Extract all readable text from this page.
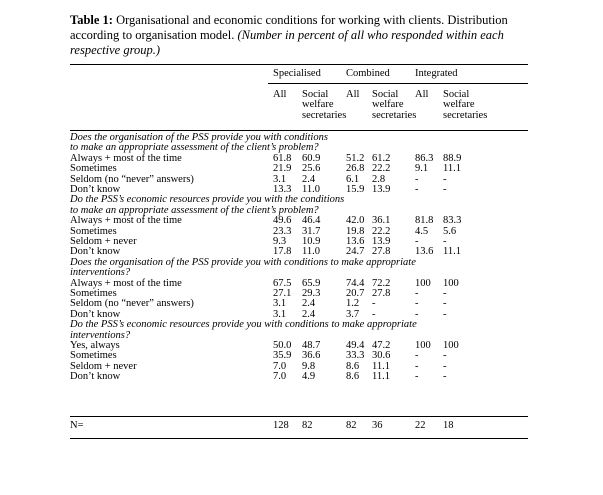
Table 1: Organisational and economic conditions for working with clients. Distribution according to organisation model. (Number in percent of all who responded within each respective group.)
Specialised Combined Integrated
All Social
welfare
secretaries
All Social
welfare
secretaries
All Social
welfare
secretaries
Does the organisation of the PSS provide you with conditions
to make an appropriate assessment of the client’s problem?
Always + most of the time	61.8 60.9 51.2 61.2 86.3 88.9
Sometimes	21.9 25.6 26.8 22.2 9.1 11.1
Seldom (no “never” answers)	3.1 2.4	6.1 2.8	- -
Don’t know	13.3 11.0 15.9 13.9 - -
Do the PSS’s economic resources provide you with the conditions
to make an appropriate assessment of the client’s problem?
Always + most of the time	49.6 46.4 42.0 36.1 81.8 83.3
Sometimes	23.3 31.7 19.8 22.2 4.5 5.6
Seldom + never	9.3 10.9 13.6 13.9 - -
Don’t know	17.8 11.0 24.7 27.8 13.6 11.1
Does the organisation of the PSS provide you with conditions to make appropriate
interventions?
Always + most of the time	67.5 65.9 74.4 72.2 100 100
Sometimes	27.1 29.3 20.7 27.8 - -
Seldom (no “never” answers)	3.1 2.4	1.2 -	- -
Don’t know	3.1 2.4	3.7 -	- -
Do the PSS’s economic resources provide you with conditions to make appropriate
interventions?
Yes, always	50.0 48.7 49.4 47.2 100 100
Sometimes	35.9 36.6 33.3 30.6 - -
Seldom + never	7.0 9.8	8.6 11.1 - -
Don’t know	7.0 4.9	8.6 11.1 - -
N=	128 82	82 36	22 18
